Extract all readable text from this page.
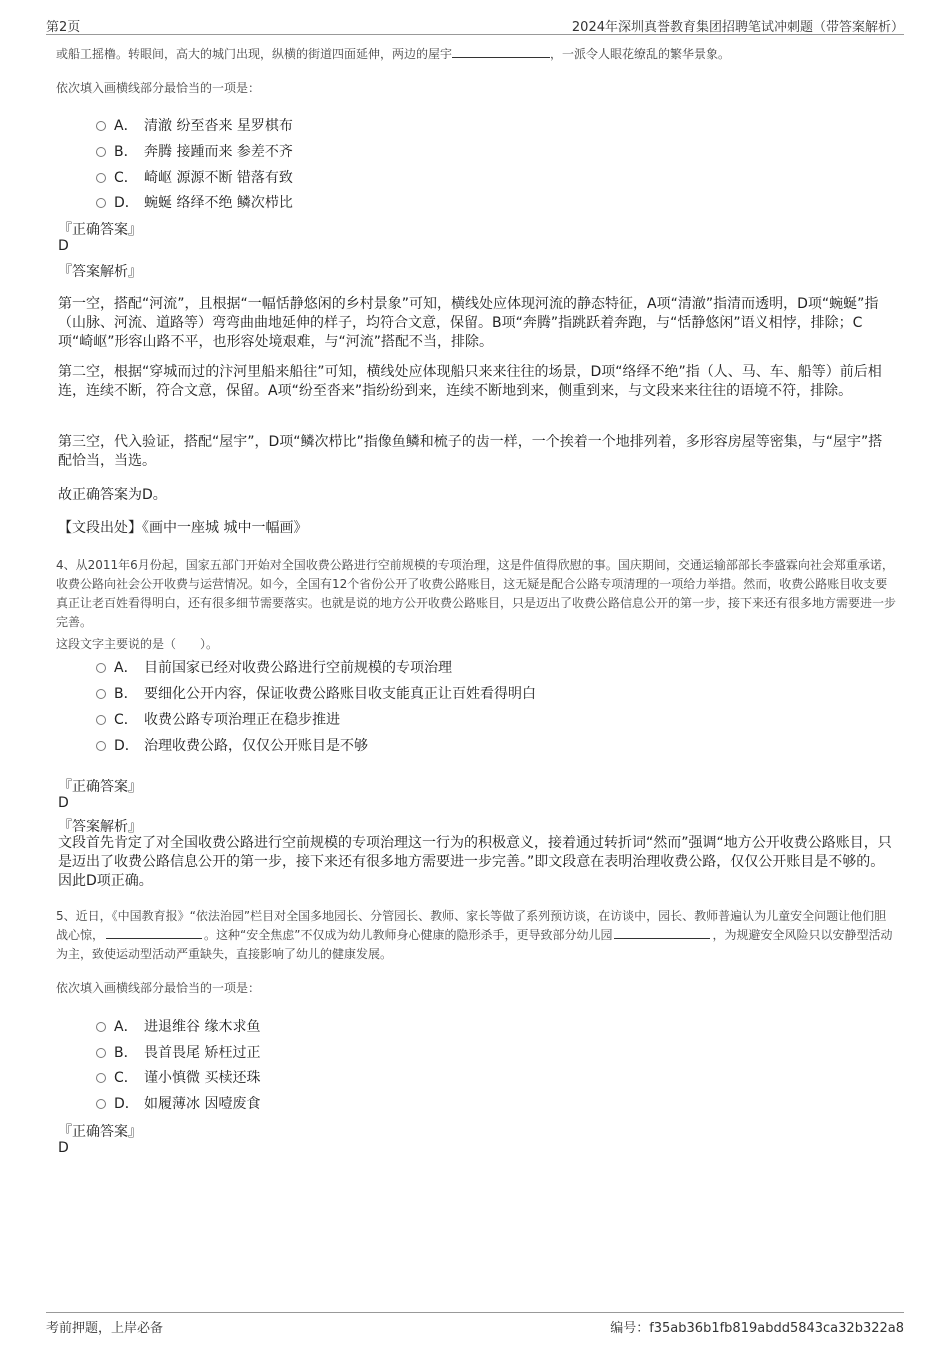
第2页	2024年深圳真誉教育集团招聘笔试冲刺题（带答案解析）
或船工摇橹。转眼间，高大的城门出现，纵横的街道四面延伸，两边的屋宇	，一派令人眼花缭乱的繁华景象。
依次填入画横线部分最恰当的一项是：
A． 清澈 纷至沓来 星罗棋布
B． 奔腾 接踵而来 参差不齐
C． 崎岖 源源不断 错落有致
D． 蜿蜒 络绎不绝 鳞次栉比
『正确答案』
D
『答案解析』
第一空，搭配“河流”，且根据“一幅恬静悠闲的乡村景象”可知，横线处应体现河流的静态特征，A项“清澈”指清而透明，D项“蜿蜒”指（山脉、河流、道路等）弯弯曲曲地延伸的样子，均符合文意，保留。B项“奔腾”指跳跃着奔跑，与“恬静悠闲”语义相悖，排除；C项“崎岖”形容山路不平，也形容处境艰难，与“河流”搭配不当，排除。
第二空，根据“穿城而过的汴河里船来船往”可知，横线处应体现船只来来往往的场景，D项“络绎不绝”指（人、马、车、船等）前后相连，连续不断，符合文意，保留。A项“纷至沓来”指纷纷到来，连续不断地到来，侧重到来，与文段来来往往的语境不符，排除。
第三空，代入验证，搭配“屋宇”，D项“鳞次栉比”指像鱼鳞和梳子的齿一样，一个挨着一个地排列着，多形容房屋等密集，与“屋宇”搭配恰当，当选。
故正确答案为D。
【文段出处】《画中一座城 城中一幅画》
4、从2011年6月份起，国家五部门开始对全国收费公路进行空前规模的专项治理，这是件值得欣慰的事。国庆期间，交通运输部部长李盛霖向社会郑重承诺，收费公路向社会公开收费与运营情况。如今，全国有12个省份公开了收费公路账目，这无疑是配合公路专项清理的一项给力举措。然而，收费公路账目收支要真正让老百姓看得明白，还有很多细节需要落实。也就是说的地方公开收费公路账目，只是迈出了收费公路信息公开的第一步，接下来还有很多地方需要进一步完善。
这段文字主要说的是（　　）。
A． 目前国家已经对收费公路进行空前规模的专项治理
B． 要细化公开内容，保证收费公路账目收支能真正让百姓看得明白
C． 收费公路专项治理正在稳步推进
D． 治理收费公路，仅仅公开账目是不够
『正确答案』
D
『答案解析』
文段首先肯定了对全国收费公路进行空前规模的专项治理这一行为的积极意义，接着通过转折词“然而”强调“地方公开收费公路账目，只是迈出了收费公路信息公开的第一步，接下来还有很多地方需要进一步完善。”即文段意在表明治理收费公路，仅仅公开账目是不够的。因此D项正确。
5、近日，《中国教育报》“依法治园”栏目对全国多地园长、分管园长、教师、家长等做了系列预访谈，在访谈中，园长、教师普遍认为儿童安全问题让他们胆战心惊，	。这种“安全焦虑”不仅成为幼儿教师身心健康的隐形杀手，更导致部分幼儿园	，为规避安全风险只以安静型活动为主，致使运动型活动严重缺失，直接影响了幼儿的健康发展。
依次填入画横线部分最恰当的一项是：
A． 进退维谷 缘木求鱼
B． 畏首畏尾 矫枉过正
C． 谨小慎微 买椟还珠
D． 如履薄冰 因噎废食
『正确答案』
D
考前押题，上岸必备	编号：f35ab36b1fb819abdd5843ca32b322a8
